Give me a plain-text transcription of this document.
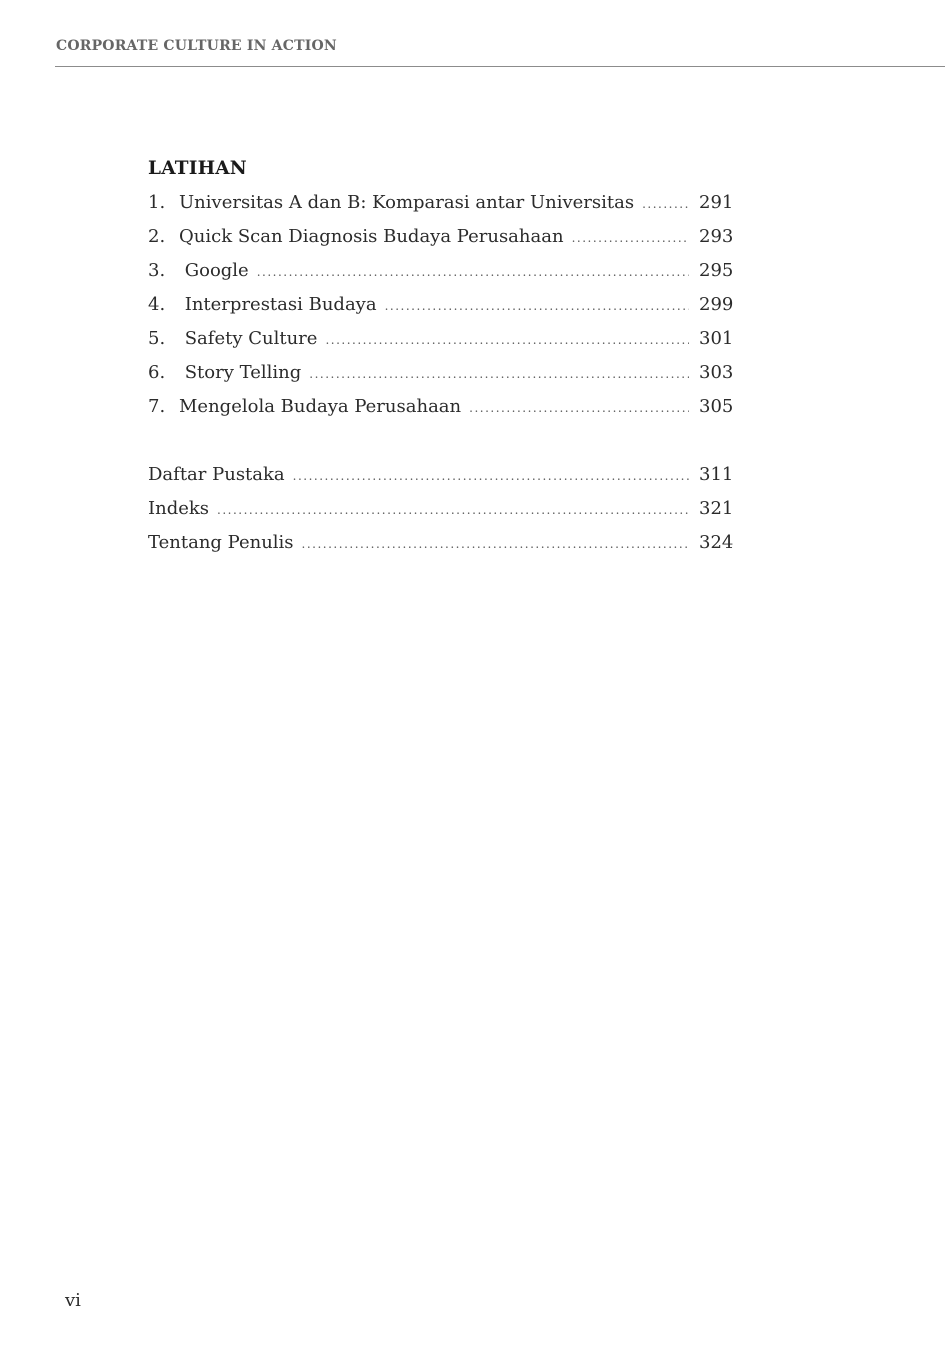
CORPORATE CULTURE IN ACTION
LATIHAN
1. Universitas A dan B: Komparasi antar Universitas .....	291
2. Quick Scan Diagnosis Budaya Perusahaan .....	293
3. Google .....	295
4. Interprestasi Budaya .....	299
5. Safety Culture .....	301
6. Story Telling .....	303
7. Mengelola Budaya Perusahaan .....	305
Daftar Pustaka .....	311
Indeks .....	321
Tentang Penulis .....	324
vi
